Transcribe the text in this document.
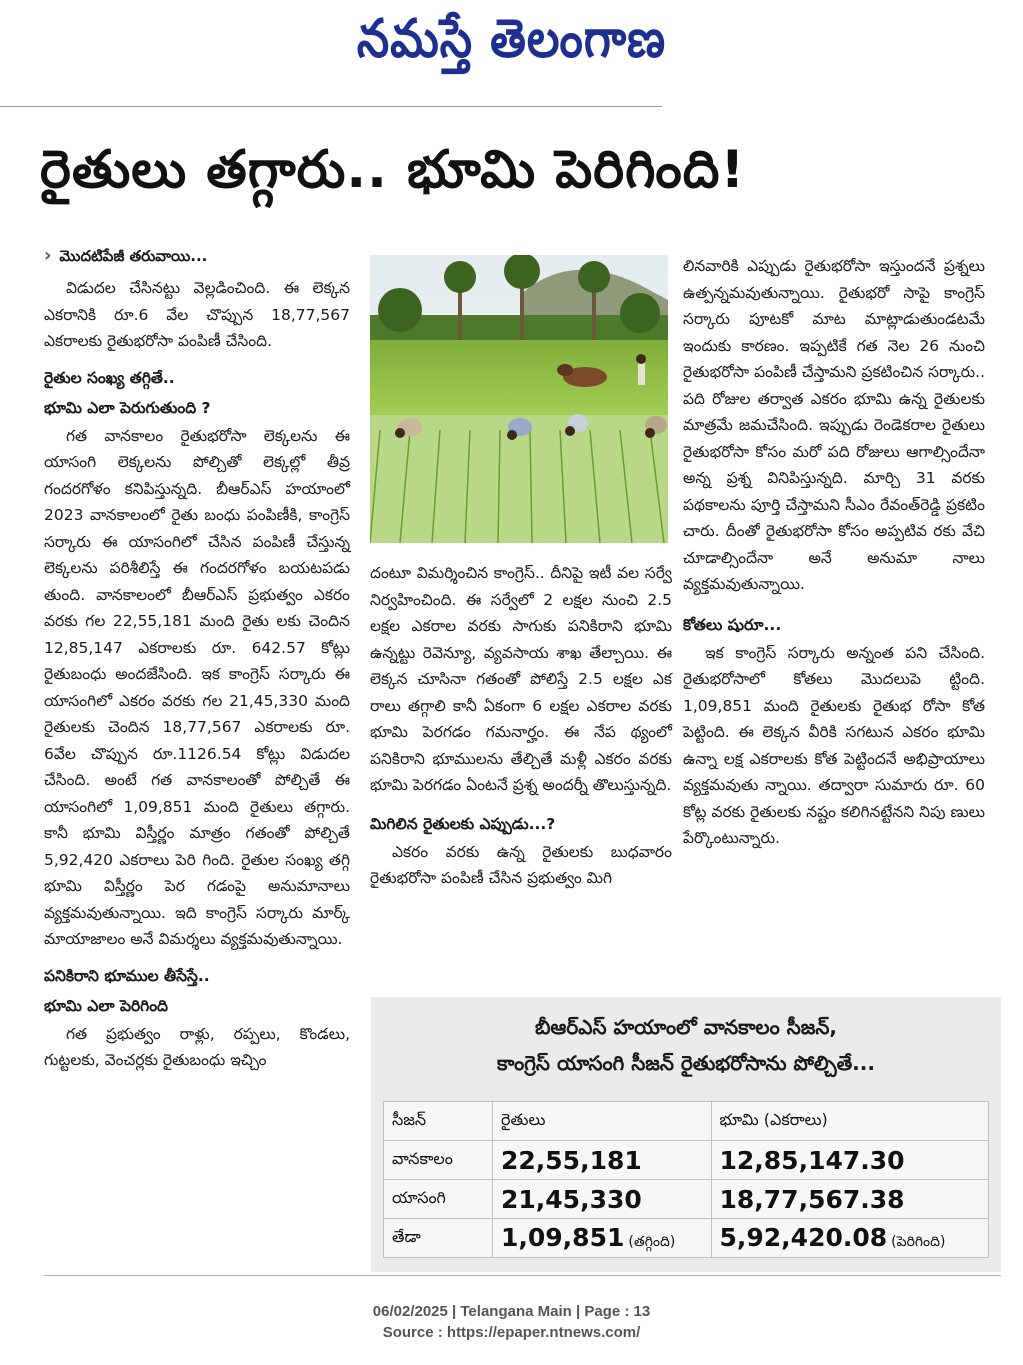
నమస్తే తెలంగాణ
రైతులు తగ్గారు.. భూమి పెరిగింది!
› మొదటిపేజీ తరువాయి...

విడుదల చేసినట్టు వెల్లడించింది. ఈ లెక్కన ఎకరానికి రూ.6 వేల చొప్పున 18,77,567 ఎకరాలకు రైతుభరోసా పంపిణీ చేసింది.

రైతుల సంఖ్య తగ్గితే..

భూమి ఎలా పెరుగుతుంది ?

గత వానకాలం రైతుభరోసా లెక్కలను ఈ యాసంగి లెక్కలను పోల్చితో లెక్కల్లో తీవ్ర గందరగోళం కనిపిస్తున్నది. బీఆర్ఎస్ హయాంలో 2023 వానకాలంలో రైతు బంధు పంపిణీకి, కాంగ్రెస్ సర్కారు ఈ యాసంగిలో చేసిన పంపిణీ చేస్తున్న లెక్కలను పరిశీలిస్తే ఈ గందరగోళం బయటపడు తుంది. వానకాలంలో బీఆర్ఎస్ ప్రభుత్వం ఎకరం వరకు గల 22,55,181 మంది రైతు లకు చెందిన 12,85,147 ఎకరాలకు రూ. 642.57 కోట్లు రైతుబంధు అందజేసింది. ఇక కాంగ్రెస్ సర్కారు ఈ యాసంగిలో ఎకరం వరకు గల 21,45,330 మంది రైతులకు చెందిన 18,77,567 ఎకరాలకు రూ. 6వేల చొప్పున రూ.1126.54 కోట్లు విడుదల చేసింది. అంటే గత వానకాలంతో పోల్చితే ఈ యాసంగిలో 1,09,851 మంది రైతులు తగ్గారు. కానీ భూమి విస్తీర్ణం మాత్రం గతంతో పోల్చితే 5,92,420 ఎకరాలు పెరి గింది. రైతుల సంఖ్య తగ్గి భూమి విస్తీర్ణం పెర గడంపై అనుమానాలు వ్యక్తమవుతున్నాయి. ఇది కాంగ్రెస్ సర్కారు మార్క్ మాయాజాలం అనే విమర్శలు వ్యక్తమవుతున్నాయి.

పనికిరాని భూముల తీసేస్తే..

భూమి ఎలా పెరిగింది

గత ప్రభుత్వం రాళ్లు, రప్పలు, కొండలు, గుట్టలకు, వెంచర్లకు రైతుబంధు ఇచ్చిం

దంటూ విమర్శించిన కాంగ్రెస్.. దీనిపై ఇటీ వల సర్వే నిర్వహించింది. ఈ సర్వేలో 2 లక్షల నుంచి 2.5 లక్షల ఎకరాల వరకు సాగుకు పనికిరాని భూమి ఉన్నట్టు రెవెన్యూ, వ్యవసాయ శాఖ తేల్చాయి. ఈ లెక్కన చూసినా గతంతో పోలిస్తే 2.5 లక్షల ఎక రాలు తగ్గాలి కానీ ఏకంగా 6 లక్షల ఎకరాల వరకు భూమి పెరగడం గమనార్హం. ఈ నేప థ్యంలో పనికిరాని భూములను తేల్చితే మళ్లీ ఎకరం వరకు భూమి పెరగడం ఏంటనే ప్రశ్న అందర్నీ తొలుస్తున్నది.

మిగిలిన రైతులకు ఎప్పుడు...?

ఎకరం వరకు ఉన్న రైతులకు బుధవారం రైతుభరోసా పంపిణీ చేసిన ప్రభుత్వం మిగి

లినవారికి ఎప్పుడు రైతుభరోసా ఇస్తుందనే ప్రశ్నలు ఉత్పన్నమవుతున్నాయి. రైతుభరో సాపై కాంగ్రెస్ సర్కారు పూటకో మాట మాట్లాడుతుండటమే ఇందుకు కారణం. ఇప్పటికే గత నెల 26 నుంచి రైతుభరోసా పంపిణీ చేస్తామని ప్రకటించిన సర్కారు.. పది రోజుల తర్వాత ఎకరం భూమి ఉన్న రైతులకు మాత్రమే జమచేసింది. ఇప్పుడు రెండెకరాల రైతులు రైతుభరోసా కోసం మరో పది రోజులు ఆగాల్సిందేనా అన్న ప్రశ్న వినిపిస్తున్నది. మార్చి 31 వరకు పథకాలను పూర్తి చేస్తామని సీఎం రేవంత్‌రెడ్డి ప్రకటిం చారు. దీంతో రైతుభరోసా కోసం అప్పటివ రకు వేచి చూడాల్సిందేనా అనే అనుమా నాలు వ్యక్తమవుతున్నాయి.

కోతలు షురూ...

ఇక కాంగ్రెస్ సర్కారు అన్నంత పని చేసింది. రైతుభరోసాలో కోతలు మొదలుపె ట్టింది. 1,09,851 మంది రైతులకు రైతుభ రోసా కోత పెట్టింది. ఈ లెక్కన వీరికి సగటున ఎకరం భూమి ఉన్నా లక్ష ఎకరాలకు కోత పెట్టిందనే అభిప్రాయాలు వ్యక్తమవుతు న్నాయి. తద్వారా సుమారు రూ. 60 కోట్ల వరకు రైతులకు నష్టం కలిగినట్టేనని నిపు ణులు పేర్కొంటున్నారు.

బీఆర్ఎస్ హయాంలో వానకాలం సీజన్,
కాంగ్రెస్ యాసంగి సీజన్ రైతుభరోసాను పోల్చితే...
సీజన్	రైతులు	భూమి (ఎకరాలు)
వానకాలం	22,55,181	12,85,147.30
యాసంగి	21,45,330	18,77,567.38
తేడా	1,09,851 (తగ్గింది)	5,92,420.08 (పెరిగింది)
06/02/2025 | Telangana Main | Page : 13
Source : https://epaper.ntnews.com/
